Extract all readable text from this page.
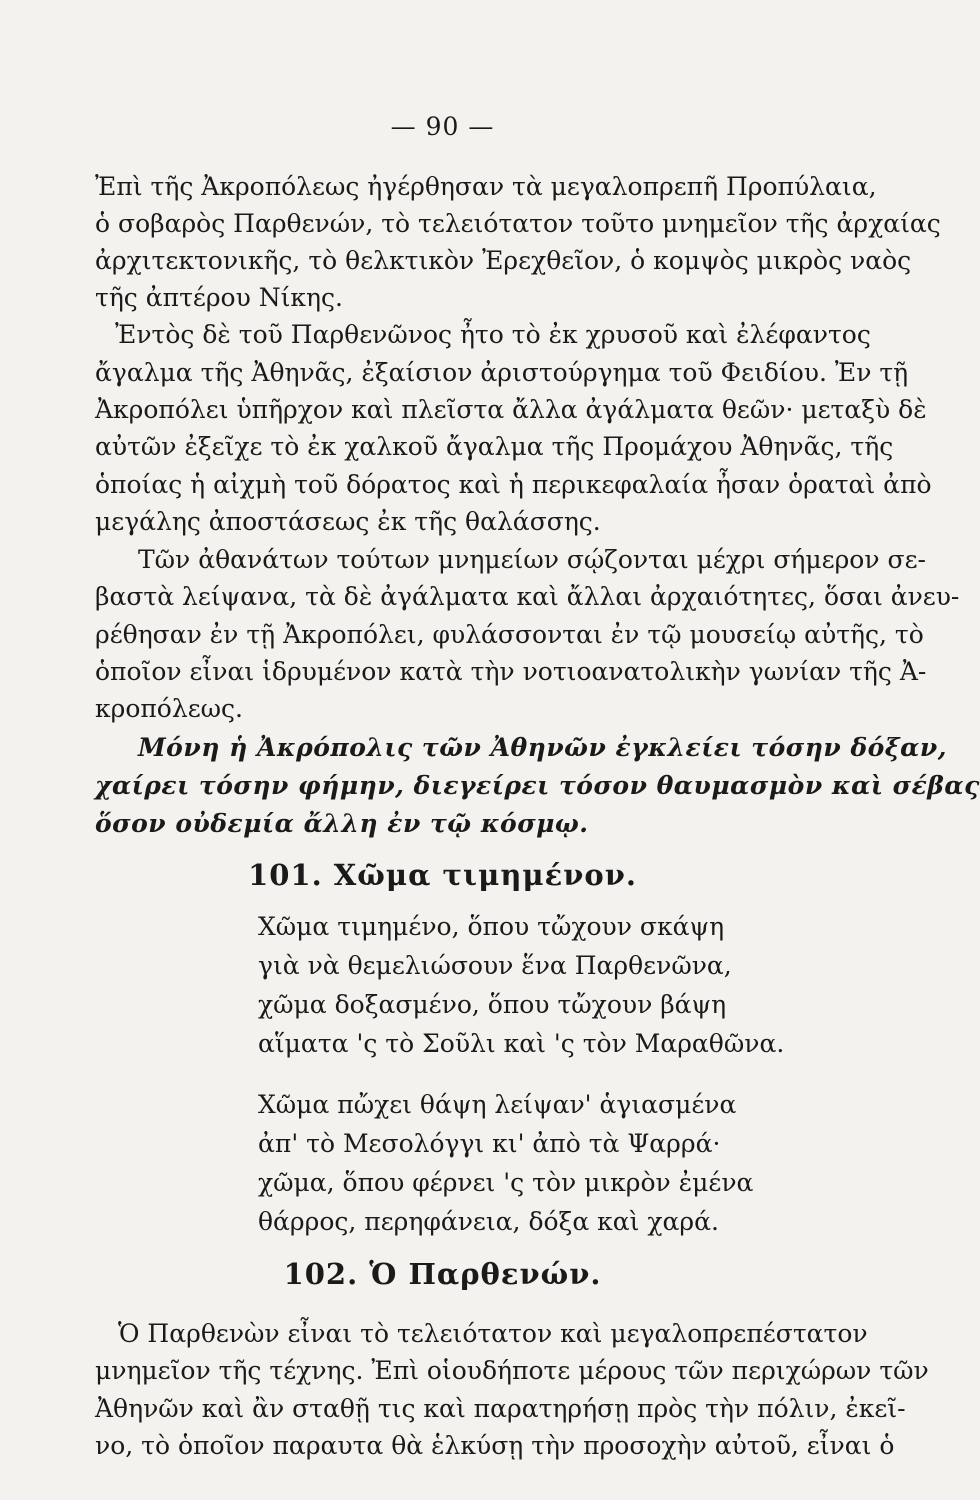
— 90 —
Ἐπὶ τῆς Ἀκροπόλεως ἠγέρθησαν τὰ μεγαλοπρεπῆ Προπύλαια,
ὁ σοβαρὸς Παρθενών, τὸ τελειότατον τοῦτο μνημεῖον τῆς ἀρχαίας
ἀρχιτεκτονικῆς, τὸ θελκτικὸν Ἐρεχθεῖον, ὁ κομψὸς μικρὸς ναὸς
τῆς ἀπτέρου Νίκης.
Ἐντὸς δὲ τοῦ Παρθενῶνος ἦτο τὸ ἐκ χρυσοῦ καὶ ἐλέφαντος
ἄγαλμα τῆς Ἀθηνᾶς, ἐξαίσιον ἀριστούργημα τοῦ Φειδίου. Ἐν τῇ
Ἀκροπόλει ὑπῆρχον καὶ πλεῖστα ἄλλα ἀγάλματα θεῶν· μεταξὺ δὲ
αὐτῶν ἐξεῖχε τὸ ἐκ χαλκοῦ ἄγαλμα τῆς Προμάχου Ἀθηνᾶς, τῆς
ὁποίας ἡ αἰχμὴ τοῦ δόρατος καὶ ἡ περικεφαλαία ἦσαν ὁραταὶ ἀπὸ
μεγάλης ἀποστάσεως ἐκ τῆς θαλάσσης.
Τῶν ἀθανάτων τούτων μνημείων σῴζονται μέχρι σήμερον σε-
βαστὰ λείψανα, τὰ δὲ ἀγάλματα καὶ ἄλλαι ἀρχαιότητες, ὅσαι ἀνευ-
ρέθησαν ἐν τῇ Ἀκροπόλει, φυλάσσονται ἐν τῷ μουσείῳ αὐτῆς, τὸ
ὁποῖον εἶναι ἱδρυμένον κατὰ τὴν νοτιοανατολικὴν γωνίαν τῆς Ἀ-
κροπόλεως.
Μόνη ἡ Ἀκρόπολις τῶν Ἀθηνῶν ἐγκλείει τόσην δόξαν,
χαίρει τόσην φήμην, διεγείρει τόσον θαυμασμὸν καὶ σέβας
ὅσον οὐδεμία ἄλλη ἐν τῷ κόσμῳ.
101. Χῶμα τιμημένον.
Χῶμα τιμημένο, ὅπου τὤχουν σκάψη
γιὰ νὰ θεμελιώσουν ἕνα Παρθενῶνα,
χῶμα δοξασμένο, ὅπου τὤχουν βάψη
αἵματα 'ς τὸ Σοῦλι καὶ 'ς τὸν Μαραθῶνα.
Χῶμα πὤχει θάψη λείψαν' ἁγιασμένα
ἀπ' τὸ Μεσολόγγι κι' ἀπὸ τὰ Ψαρρά·
χῶμα, ὅπου φέρνει 'ς τὸν μικρὸν ἐμένα
θάρρος, περηφάνεια, δόξα καὶ χαρά.
102. Ὁ Παρθενών.
Ὁ Παρθενὼν εἶναι τὸ τελειότατον καὶ μεγαλοπρεπέστατον
μνημεῖον τῆς τέχνης. Ἐπὶ οἱουδήποτε μέρους τῶν περιχώρων τῶν
Ἀθηνῶν καὶ ἂν σταθῇ τις καὶ παρατηρήσῃ πρὸς τὴν πόλιν, ἐκεῖ-
νο, τὸ ὁποῖον παραυτα θὰ ἑλκύσῃ τὴν προσοχὴν αὐτοῦ, εἶναι ὁ
